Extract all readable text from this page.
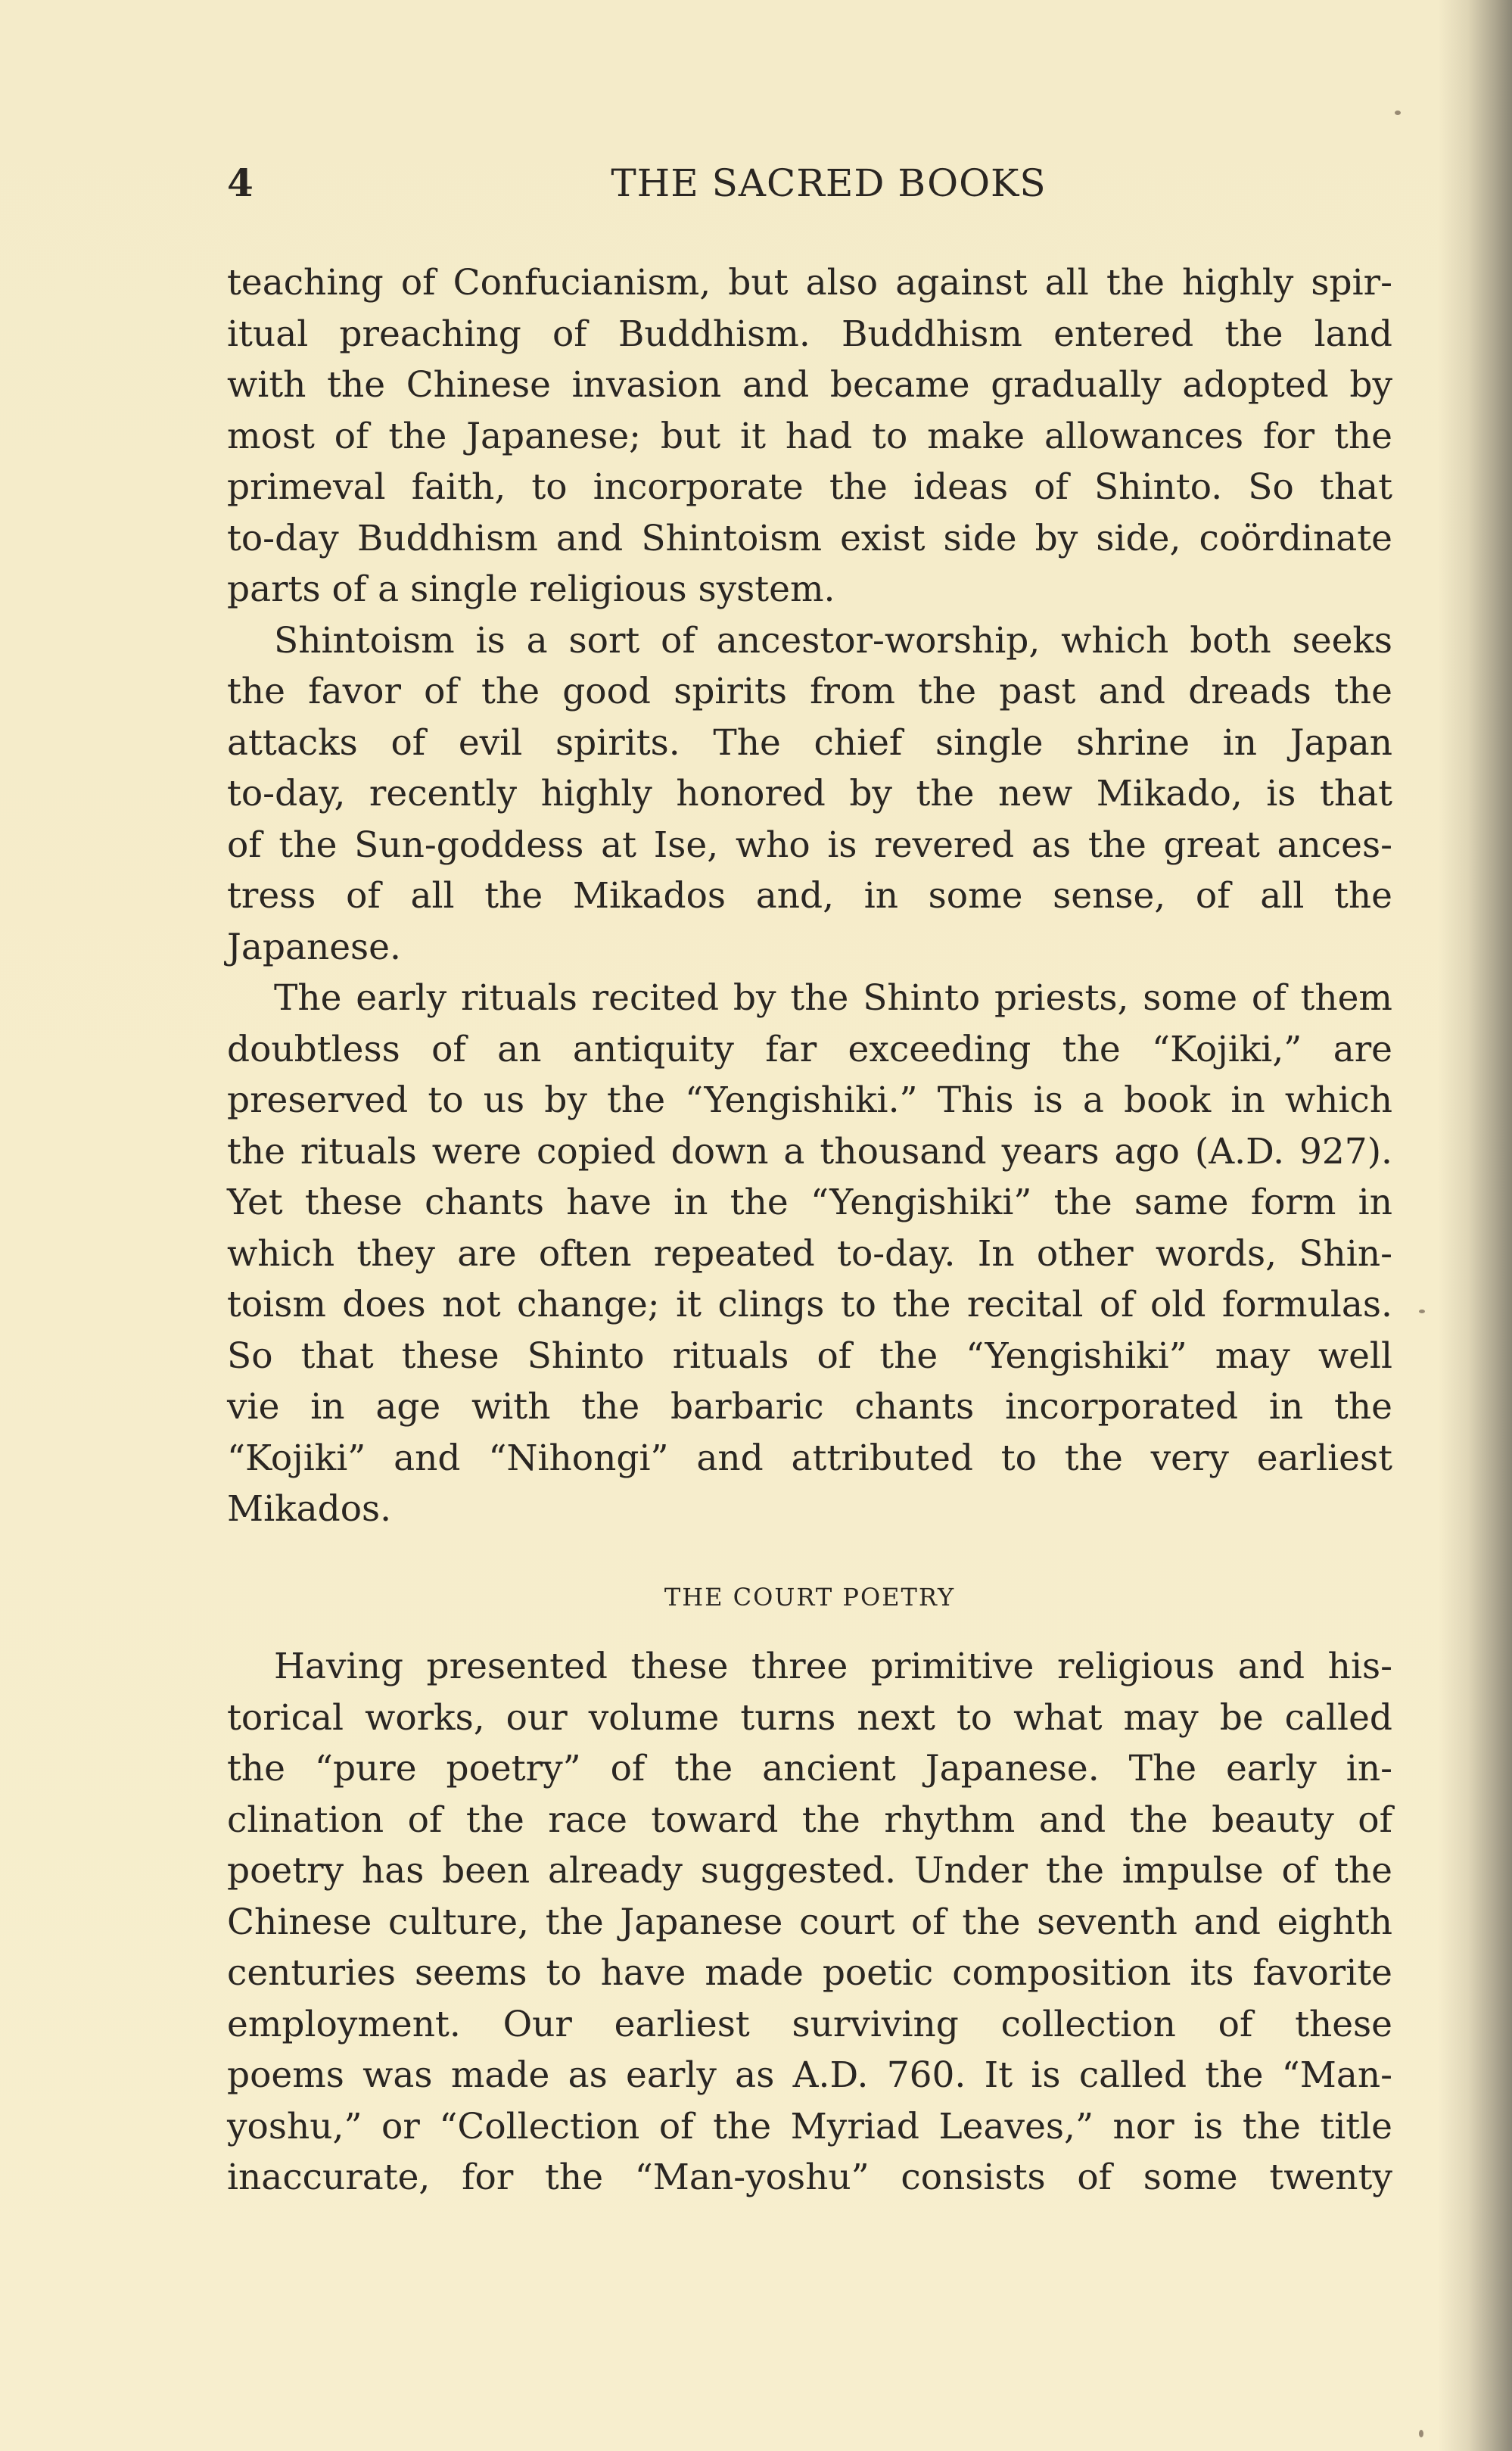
4	THE SACRED BOOKS
teaching of Confucianism, but also against all the highly spir-
itual preaching of Buddhism. Buddhism entered the land
with the Chinese invasion and became gradually adopted by
most of the Japanese; but it had to make allowances for the
primeval faith, to incorporate the ideas of Shinto. So that
to-day Buddhism and Shintoism exist side by side, coördinate
parts of a single religious system.
Shintoism is a sort of ancestor-worship, which both seeks
the favor of the good spirits from the past and dreads the
attacks of evil spirits. The chief single shrine in Japan
to-day, recently highly honored by the new Mikado, is that
of the Sun-goddess at Ise, who is revered as the great ances-
tress of all the Mikados and, in some sense, of all the
Japanese.
The early rituals recited by the Shinto priests, some of them
doubtless of an antiquity far exceeding the “Kojiki,” are
preserved to us by the “Yengishiki.” This is a book in which
the rituals were copied down a thousand years ago (A.D. 927).
Yet these chants have in the “Yengishiki” the same form in
which they are often repeated to-day. In other words, Shin-
toism does not change; it clings to the recital of old formulas.
So that these Shinto rituals of the “Yengishiki” may well
vie in age with the barbaric chants incorporated in the
“Kojiki” and “Nihongi” and attributed to the very earliest
Mikados.
THE COURT POETRY
Having presented these three primitive religious and his-
torical works, our volume turns next to what may be called
the “pure poetry” of the ancient Japanese. The early in-
clination of the race toward the rhythm and the beauty of
poetry has been already suggested. Under the impulse of the
Chinese culture, the Japanese court of the seventh and eighth
centuries seems to have made poetic composition its favorite
employment. Our earliest surviving collection of these
poems was made as early as A.D. 760. It is called the “Man-
yoshu,” or “Collection of the Myriad Leaves,” nor is the title
inaccurate, for the “Man-yoshu” consists of some twenty
